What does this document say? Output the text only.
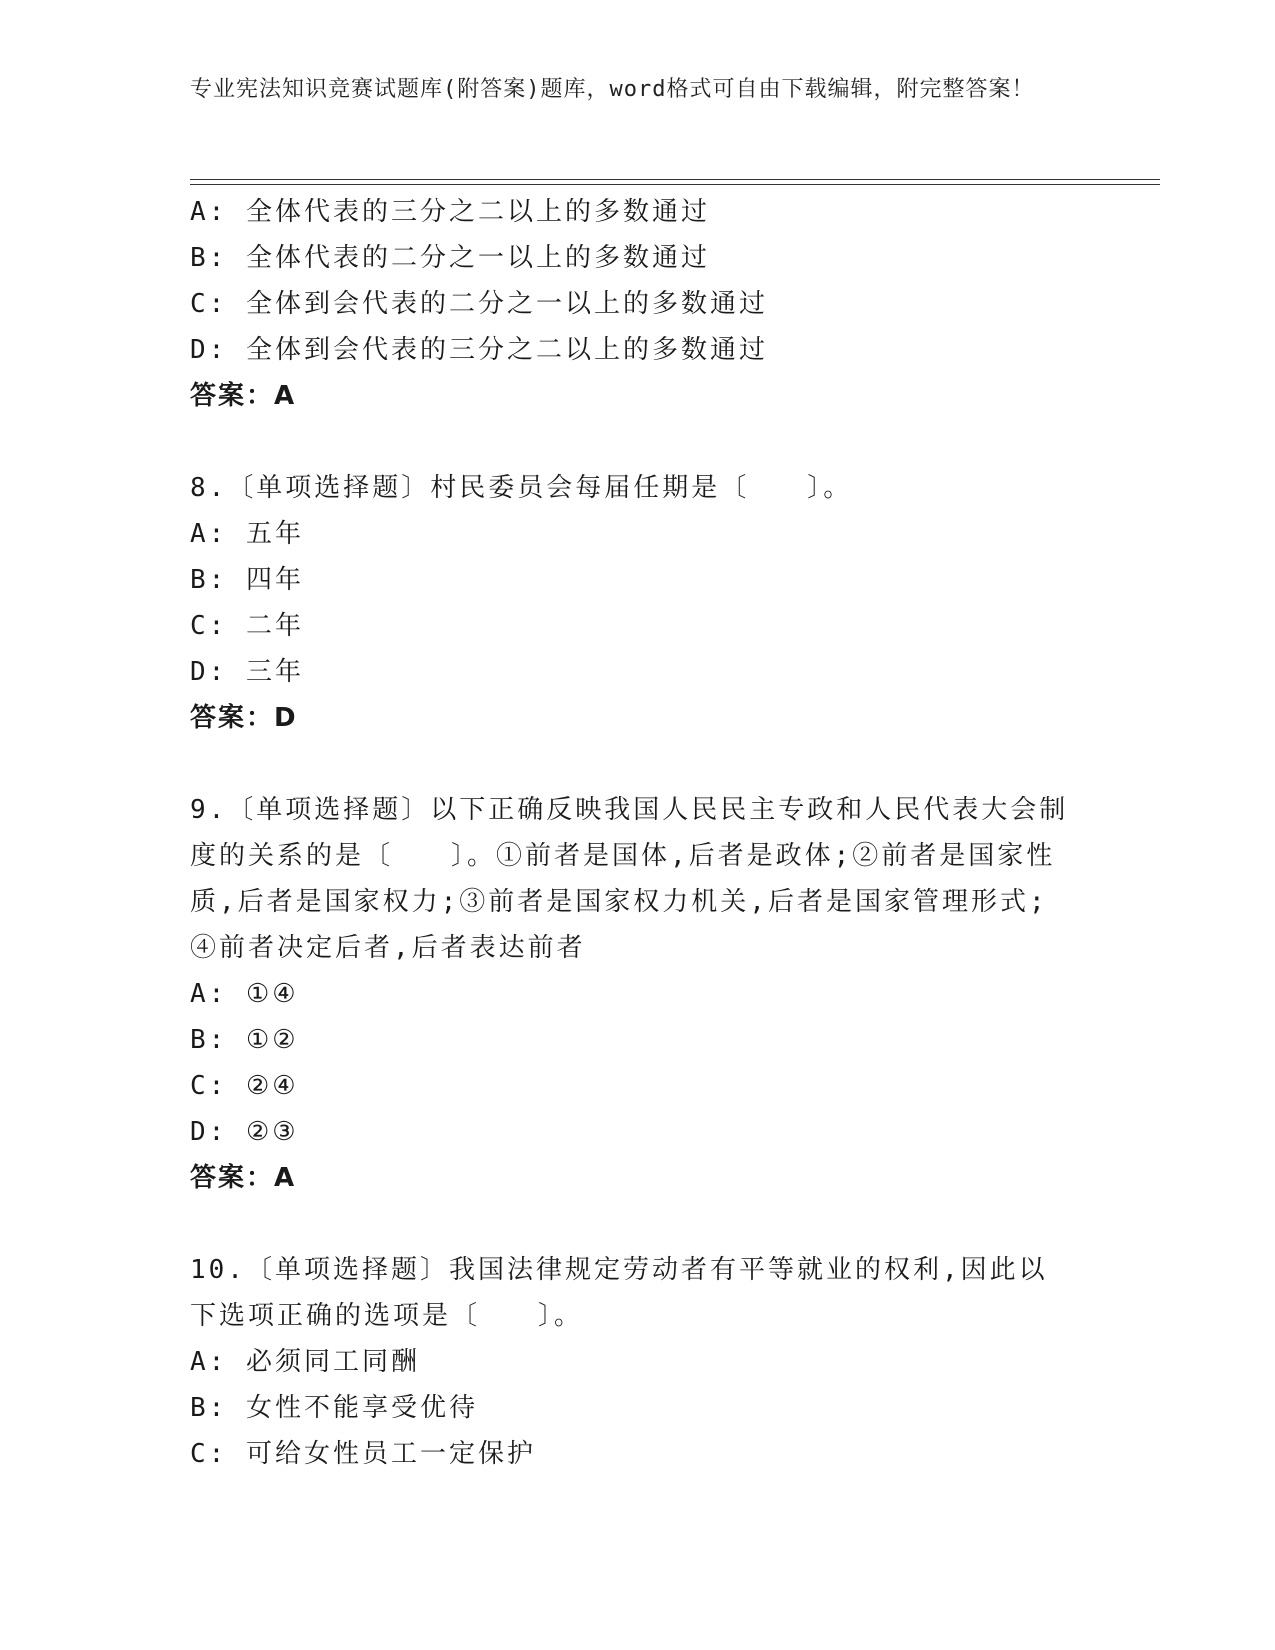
专业宪法知识竞赛试题库(附答案)题库，word格式可自由下载编辑，附完整答案！
A: 全体代表的三分之二以上的多数通过
B: 全体代表的二分之一以上的多数通过
C: 全体到会代表的二分之一以上的多数通过
D: 全体到会代表的三分之二以上的多数通过
答案：A
8.〔单项选择题〕村民委员会每届任期是〔　　〕。
A: 五年
B: 四年
C: 二年
D: 三年
答案：D
9.〔单项选择题〕以下正确反映我国人民民主专政和人民代表大会制度的关系的是〔　　〕。①前者是国体,后者是政体;②前者是国家性质,后者是国家权力;③前者是国家权力机关,后者是国家管理形式;④前者决定后者,后者表达前者
A: ①④
B: ①②
C: ②④
D: ②③
答案：A
10.〔单项选择题〕我国法律规定劳动者有平等就业的权利,因此以下选项正确的选项是〔　　〕。
A: 必须同工同酬
B: 女性不能享受优待
C: 可给女性员工一定保护
